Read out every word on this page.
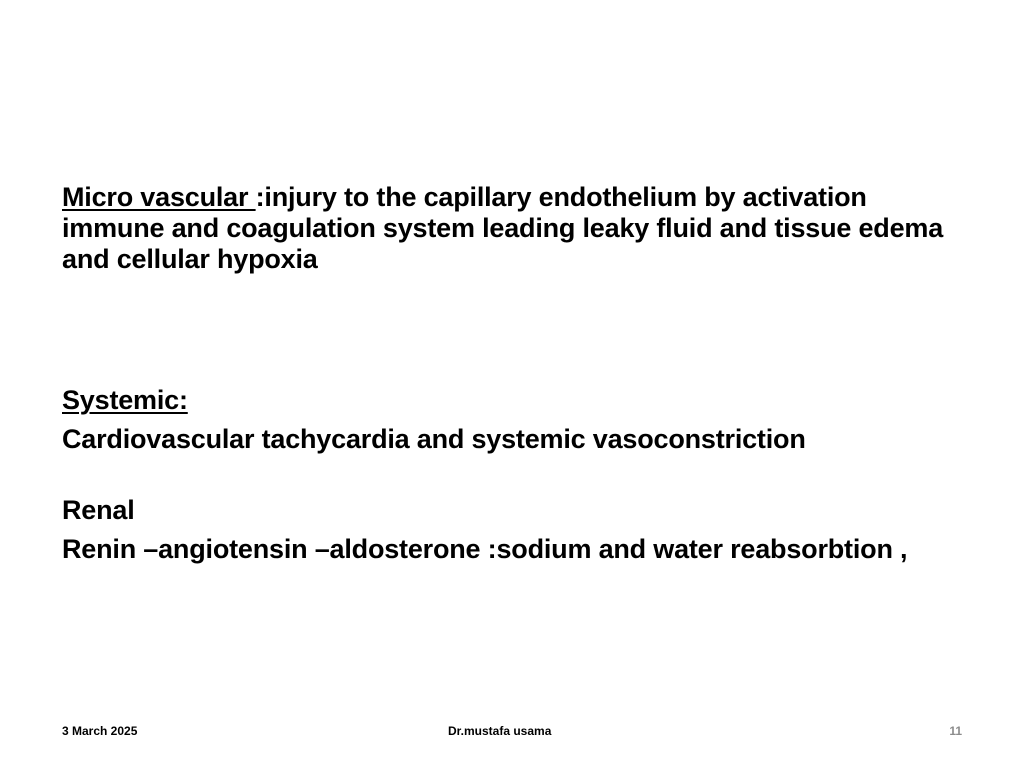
Micro vascular :injury to the capillary endothelium by activation immune and coagulation system leading leaky fluid and tissue edema and cellular hypoxia

Systemic:

Cardiovascular tachycardia and systemic vasoconstriction

Renal

Renin –angiotensin –aldosterone :sodium and water reabsorbtion ,

3 March 2025	Dr.mustafa usama	11
